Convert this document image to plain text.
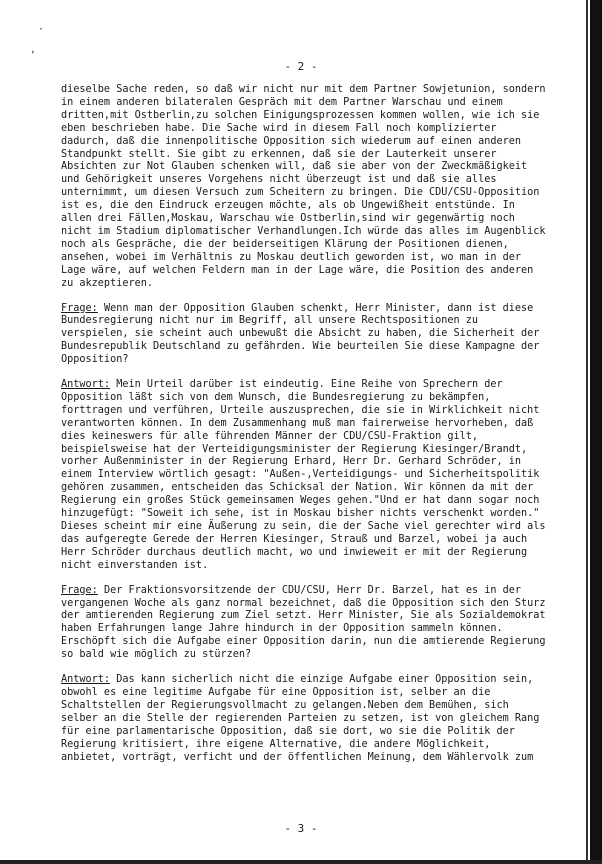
·
,
- 2 -

dieselbe Sache reden, so daß wir nicht nur mit dem Partner Sowjetunion, sondern in einem anderen bilateralen Gespräch mit dem Partner Warschau und einem dritten,mit Ostberlin,zu solchen Einigungsprozessen kommen wollen, wie ich sie eben beschrieben habe. Die Sache wird in diesem Fall noch komplizierter dadurch, daß die innenpolitische Opposition sich wiederum auf einen anderen Standpunkt stellt. Sie gibt zu erkennen, daß sie der Lauterkeit unserer Absichten zur Not Glauben schenken will, daß sie aber von der Zweckmäßigkeit und Gehörigkeit unseres Vorgehens nicht überzeugt ist und daß sie alles unternimmt, um diesen Versuch zum Scheitern zu bringen. Die CDU/CSU-Opposition ist es, die den Eindruck erzeugen möchte, als ob Ungewißheit entstünde. In allen drei Fällen,Moskau, Warschau wie Ostberlin,sind wir gegenwärtig noch nicht im Stadium diplomatischer Verhandlungen.Ich würde das alles im Augenblick noch als Gespräche, die der beiderseitigen Klärung der Positionen dienen, ansehen, wobei im Verhältnis zu Moskau deutlich geworden ist, wo man in der Lage wäre, auf welchen Feldern man in der Lage wäre, die Position des anderen zu akzeptieren.

Frage: Wenn man der Opposition Glauben schenkt, Herr Minister, dann ist diese Bundesregierung nicht nur im Begriff, all unsere Rechtspositionen zu verspielen, sie scheint auch unbewußt die Absicht zu haben, die Sicherheit der Bundesrepublik Deutschland zu gefährden. Wie beurteilen Sie diese Kampagne der Opposition?

Antwort: Mein Urteil darüber ist eindeutig. Eine Reihe von Sprechern der Opposition läßt sich von dem Wunsch, die Bundesregierung zu bekämpfen, forttragen und verführen, Urteile auszusprechen, die sie in Wirklichkeit nicht verantworten können. In dem Zusammenhang muß man fairerweise hervorheben, daß dies keineswers für alle führenden Männer der CDU/CSU-Fraktion gilt, beispielsweise hat der Verteidigungsminister der Regierung Kiesinger/Brandt, vorher Außenminister in der Regierung Erhard, Herr Dr. Gerhard Schröder, in einem Interview wörtlich gesagt: "Außen-,Verteidigungs- und Sicherheitspolitik gehören zusammen, entscheiden das Schicksal der Nation. Wir können da mit der Regierung ein großes Stück gemeinsamen Weges gehen."Und er hat dann sogar noch hinzugefügt: "Soweit ich sehe, ist in Moskau bisher nichts verschenkt worden." Dieses scheint mir eine Äußerung zu sein, die der Sache viel gerechter wird als das aufgeregte Gerede der Herren Kiesinger, Strauß und Barzel, wobei ja auch Herr Schröder durchaus deutlich macht, wo und inwieweit er mit der Regierung nicht einverstanden ist.

Frage: Der Fraktionsvorsitzende der CDU/CSU, Herr Dr. Barzel, hat es in der vergangenen Woche als ganz normal bezeichnet, daß die Opposition sich den Sturz der amtierenden Regierung zum Ziel setzt. Herr Minister, Sie als Sozialdemokrat haben Erfahrungen lange Jahre hindurch in der Opposition sammeln können. Erschöpft sich die Aufgabe einer Opposition darin, nun die amtierende Regierung so bald wie möglich zu stürzen?

Antwort: Das kann sicherlich nicht die einzige Aufgabe einer Opposition sein, obwohl es eine legitime Aufgabe für eine Opposition ist, selber an die Schaltstellen der Regierungsvollmacht zu gelangen.Neben dem Bemühen, sich selber an die Stelle der regierenden Parteien zu setzen, ist von gleichem Rang für eine parlamentarische Opposition, daß sie dort, wo sie die Politik der Regierung kritisiert, ihre eigene Alternative, die andere Möglichkeit, anbietet, vorträgt, verficht und der öffentlichen Meinung, dem Wählervolk zum

- 3 -
